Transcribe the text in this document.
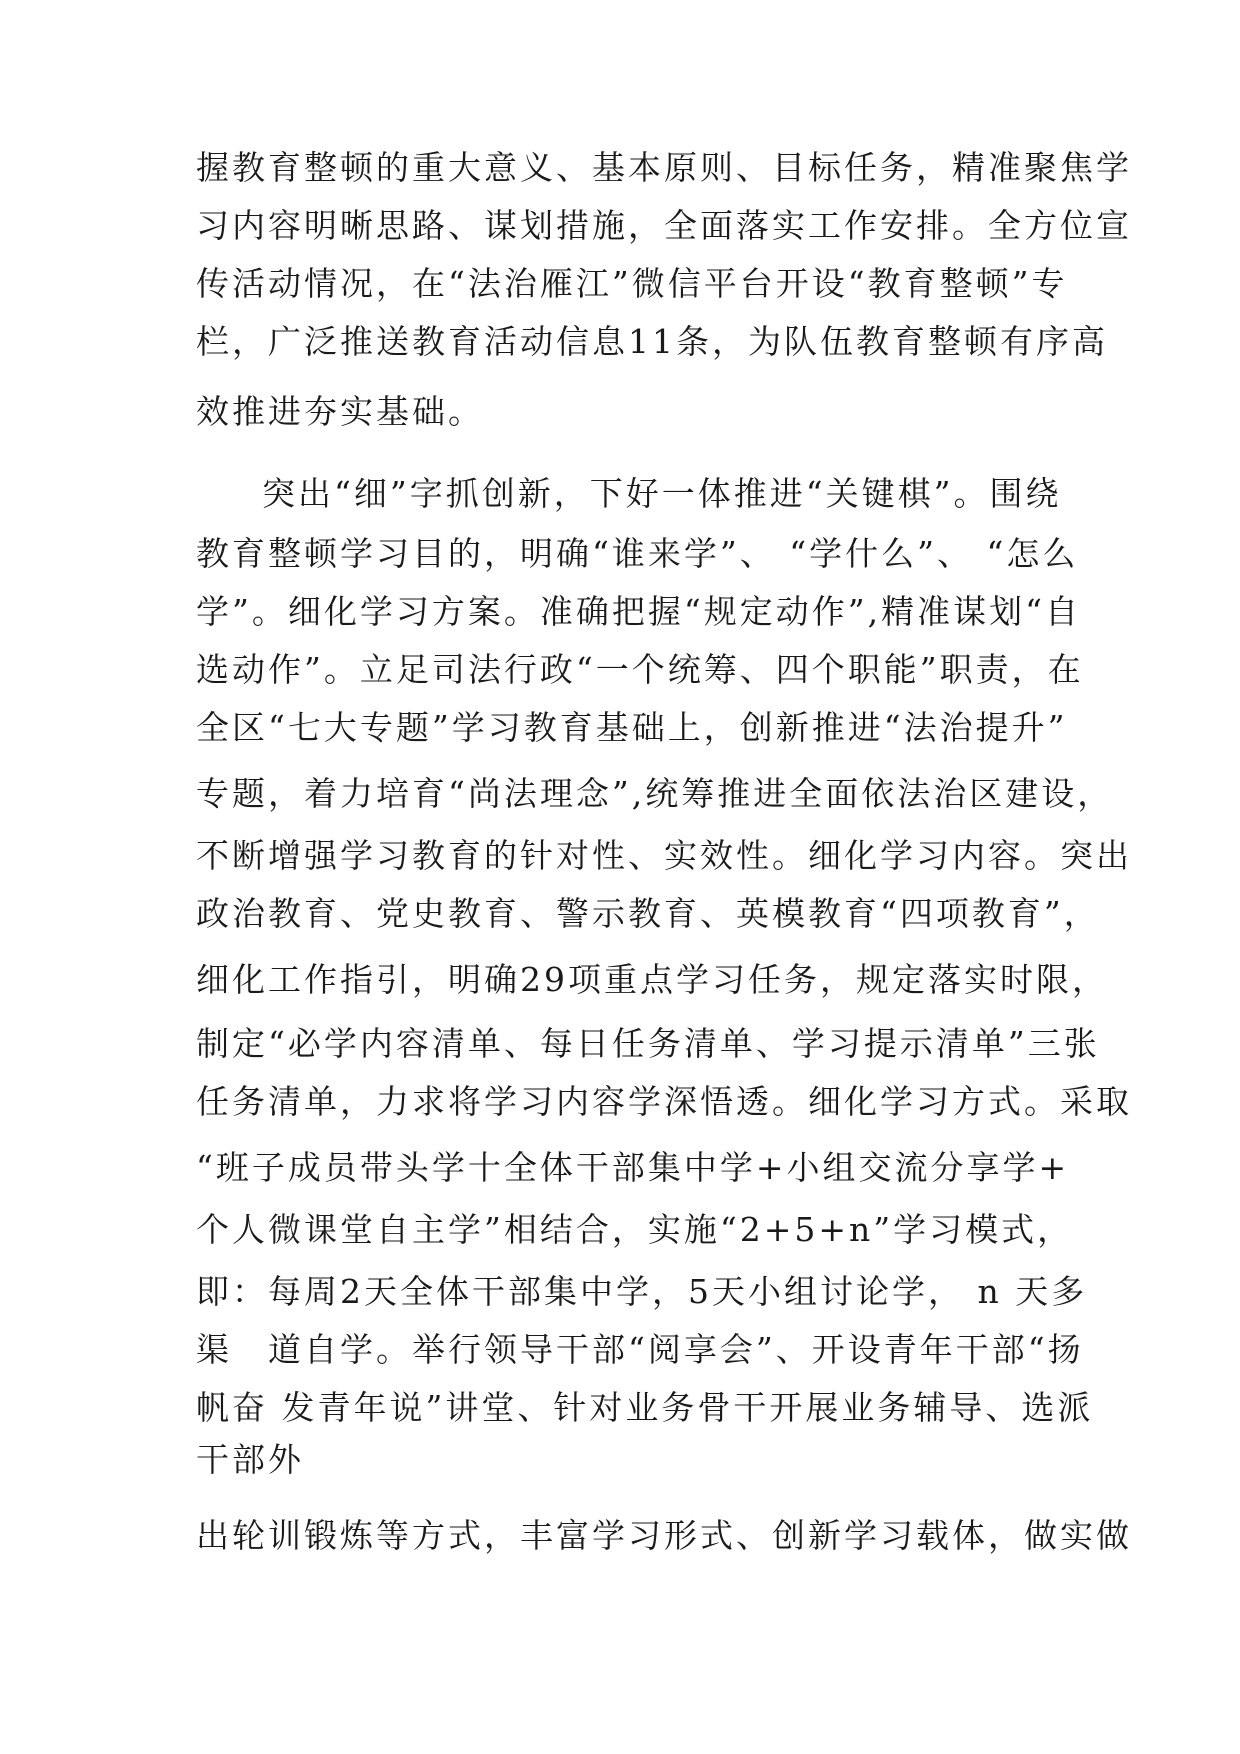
握教育整顿的重大意义、基本原则、目标任务，精准聚焦学
习内容明晰思路、谋划措施，全面落实工作安排。全方位宣
传活动情况，在“法治雁江”微信平台开设“教育整顿”专
栏，广泛推送教育活动信息11条，为队伍教育整顿有序高
效推进夯实基础。
突出“细”字抓创新，下好一体推进“关键棋”。围绕
教育整顿学习目的，明确“谁来学”、 “学什么”、 “怎么
学”。细化学习方案。准确把握“规定动作”,精准谋划“自
选动作”。立足司法行政“一个统筹、四个职能”职责，在
全区“七大专题”学习教育基础上，创新推进“法治提升”
专题，着力培育“尚法理念”,统筹推进全面依法治区建设，
不断增强学习教育的针对性、实效性。细化学习内容。突出
政治教育、党史教育、警示教育、英模教育“四项教育”，
细化工作指引，明确29项重点学习任务，规定落实时限，
制定“必学内容清单、每日任务清单、学习提示清单”三张
任务清单，力求将学习内容学深悟透。细化学习方式。采取
“班子成员带头学十全体干部集中学+小组交流分享学+
个人微课堂自主学”相结合，实施“2+5+n”学习模式，
即：每周2天全体干部集中学，5天小组讨论学， n 天多
渠　道自学。举行领导干部“阅享会”、开设青年干部“扬
帆奋 发青年说”讲堂、针对业务骨干开展业务辅导、选派
干部外
出轮训锻炼等方式，丰富学习形式、创新学习载体，做实做
